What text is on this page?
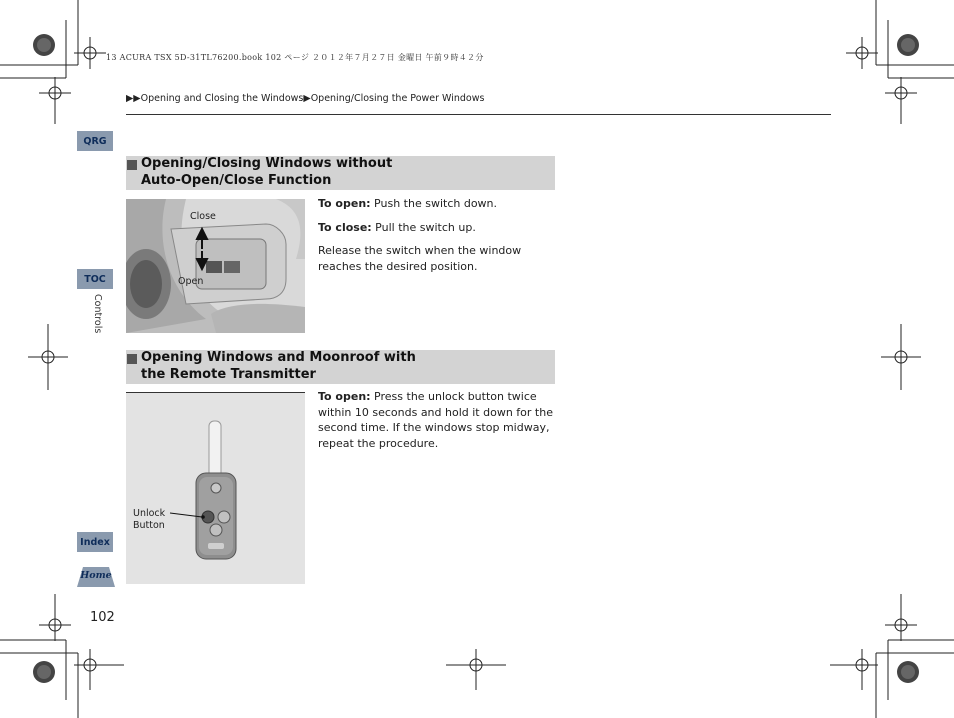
13 ACURA TSX 5D-31TL76200.book 102 ページ ２０１２年７月２７日 金曜日 午前９時４２分
▶▶Opening and Closing the Windows▶Opening/Closing the Power Windows
QRG
TOC
Controls
Index
Home
Opening/Closing Windows without
Auto-Open/Close Function
Close
Open

To open: Push the switch down.

To close: Pull the switch up.

Release the switch when the window reaches the desired position.

Opening Windows and Moonroof with
the Remote Transmitter
Unlock
Button

To open: Press the unlock button twice within 10 seconds and hold it down for the second time. If the windows stop midway, repeat the procedure.

102
